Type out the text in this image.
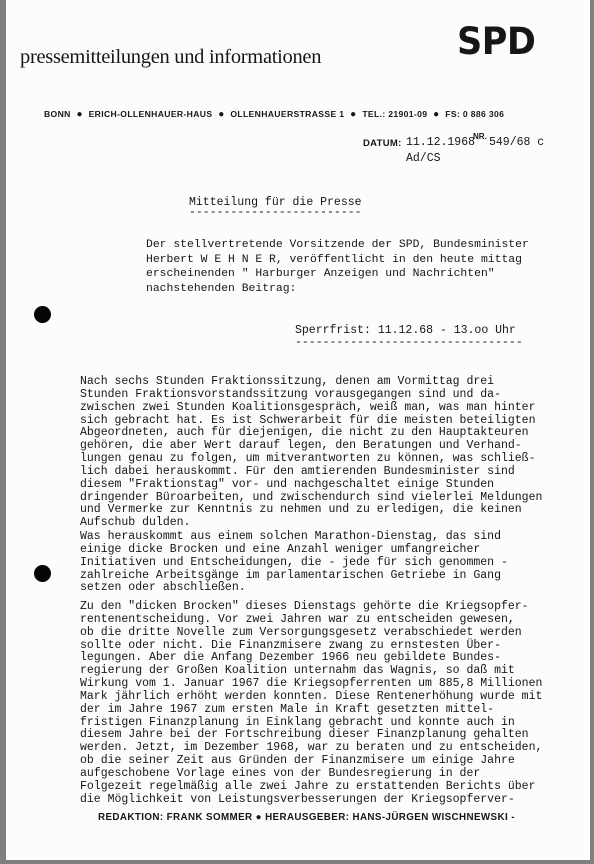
pressemitteilungen und informationen	SPD
BONN ● ERICH-OLLENHAUER-HAUS ● OLLENHAUERSTRASSE 1 ● TEL.: 21901-09 ● FS: 0 886 306
DATUM: 11.12.1968
NR. 549/68 c
Ad/CS
Mitteilung für die Presse
-------------------------
Der stellvertretende Vorsitzende der SPD, Bundesminister
Herbert W E H N E R, veröffentlicht in den heute mittag
erscheinenden " Harburger Anzeigen und Nachrichten"
nachstehenden Beitrag:
Sperrfrist: 11.12.68 - 13.oo Uhr
---------------------------------
Nach sechs Stunden Fraktionssitzung, denen am Vormittag drei
Stunden Fraktionsvorstandssitzung vorausgegangen sind und da-
zwischen zwei Stunden Koalitionsgespräch, weiß man, was man hinter
sich gebracht hat. Es ist Schwerarbeit für die meisten beteiligten
Abgeordneten, auch für diejenigen, die nicht zu den Hauptakteuren
gehören, die aber Wert darauf legen, den Beratungen und Verhand-
lungen genau zu folgen, um mitverantworten zu können, was schließ-
lich dabei herauskommt. Für den amtierenden Bundesminister sind
diesem "Fraktionstag" vor- und nachgeschaltet einige Stunden
dringender Büroarbeiten, und zwischendurch sind vielerlei Meldungen
und Vermerke zur Kenntnis zu nehmen und zu erledigen, die keinen
Aufschub dulden.
Was herauskommt aus einem solchen Marathon-Dienstag, das sind
einige dicke Brocken und eine Anzahl weniger umfangreicher
Initiativen und Entscheidungen, die - jede für sich genommen -
zahlreiche Arbeitsgänge im parlamentarischen Getriebe in Gang
setzen oder abschließen.
Zu den "dicken Brocken" dieses Dienstags gehörte die Kriegsopfer-
rentenentscheidung. Vor zwei Jahren war zu entscheiden gewesen,
ob die dritte Novelle zum Versorgungsgesetz verabschiedet werden
sollte oder nicht. Die Finanzmisere zwang zu ernstesten Über-
legungen. Aber die Anfang Dezember 1966 neu gebildete Bundes-
regierung der Großen Koalition unternahm das Wagnis, so daß mit
Wirkung vom 1. Januar 1967 die Kriegsopferrenten um 885,8 Millionen
Mark jährlich erhöht werden konnten. Diese Rentenerhöhung wurde mit
der im Jahre 1967 zum ersten Male in Kraft gesetzten mittel-
fristigen Finanzplanung in Einklang gebracht und konnte auch in
diesem Jahre bei der Fortschreibung dieser Finanzplanung gehalten
werden. Jetzt, im Dezember 1968, war zu beraten und zu entscheiden,
ob die seiner Zeit aus Gründen der Finanzmisere um einige Jahre
aufgeschobene Vorlage eines von der Bundesregierung in der
Folgezeit regelmäßig alle zwei Jahre zu erstattenden Berichts über
die Möglichkeit von Leistungsverbesserungen der Kriegsopferver-
REDAKTION: FRANK SOMMER ● HERAUSGEBER: HANS-JÜRGEN WISCHNEWSKI -
